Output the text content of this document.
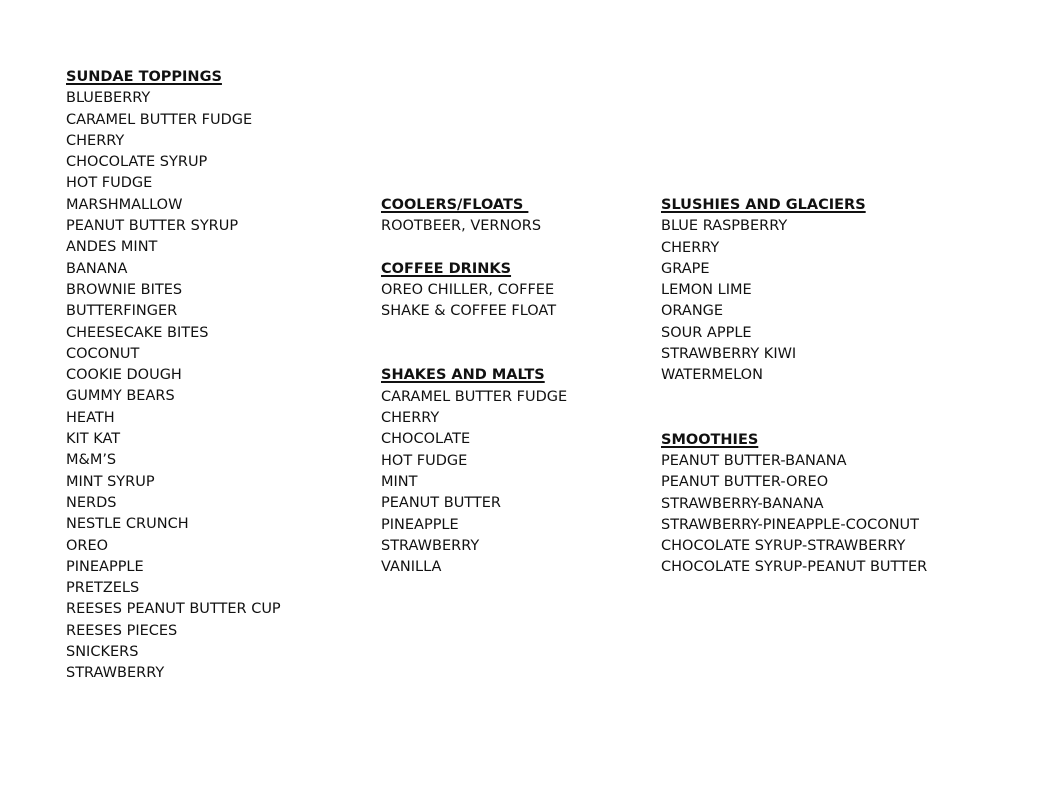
SUNDAE TOPPINGS
BLUEBERRY
CARAMEL BUTTER FUDGE
CHERRY
CHOCOLATE SYRUP
HOT FUDGE
MARSHMALLOW
PEANUT BUTTER SYRUP
ANDES MINT
BANANA
BROWNIE BITES
BUTTERFINGER
CHEESECAKE BITES
COCONUT
COOKIE DOUGH
GUMMY BEARS
HEATH
KIT KAT
M&M’S
MINT SYRUP
NERDS
NESTLE CRUNCH
OREO
PINEAPPLE
PRETZELS
REESES PEANUT BUTTER CUP
REESES PIECES
SNICKERS
STRAWBERRY
COOLERS/FLOATS
ROOTBEER, VERNORS
COFFEE DRINKS
OREO CHILLER, COFFEE
SHAKE & COFFEE FLOAT
SHAKES AND MALTS
CARAMEL BUTTER FUDGE
CHERRY
CHOCOLATE
HOT FUDGE
MINT
PEANUT BUTTER
PINEAPPLE
STRAWBERRY
VANILLA
SLUSHIES AND GLACIERS
BLUE RASPBERRY
CHERRY
GRAPE
LEMON LIME
ORANGE
SOUR APPLE
STRAWBERRY KIWI
WATERMELON
SMOOTHIES
PEANUT BUTTER-BANANA
PEANUT BUTTER-OREO
STRAWBERRY-BANANA
STRAWBERRY-PINEAPPLE-COCONUT
CHOCOLATE SYRUP-STRAWBERRY
CHOCOLATE SYRUP-PEANUT BUTTER
